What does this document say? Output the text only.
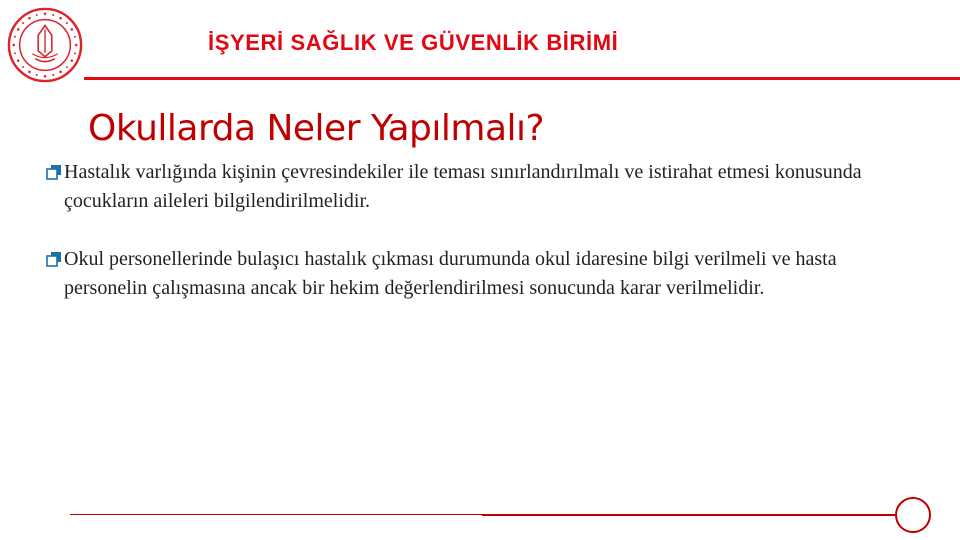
İŞYERİ SAĞLIK VE GÜVENLİK BİRİMİ
Okullarda Neler Yapılmalı?
Hastalık varlığında kişinin çevresindekiler ile teması sınırlandırılmalı ve istirahat etmesi konusunda çocukların aileleri bilgilendirilmelidir.
Okul personellerinde bulaşıcı hastalık çıkması durumunda okul idaresine bilgi verilmeli ve hasta personelin çalışmasına ancak bir hekim değerlendirilmesi sonucunda karar verilmelidir.
